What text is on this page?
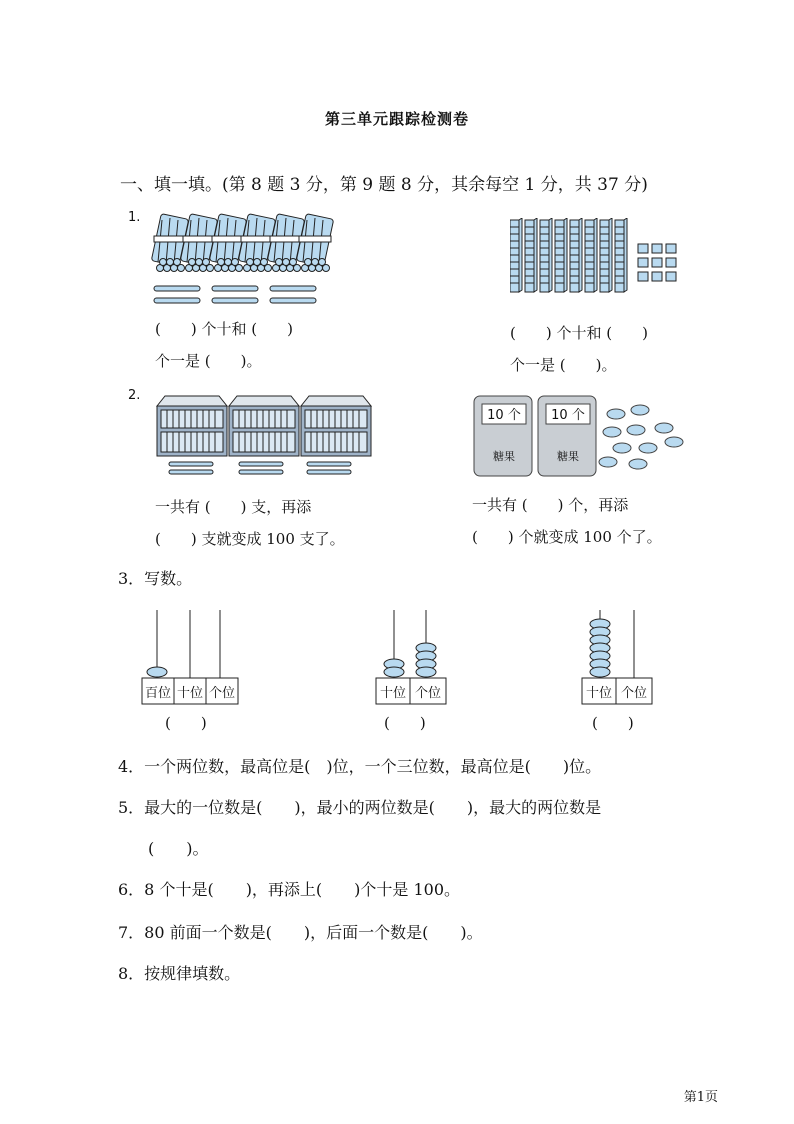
第三单元跟踪检测卷
一、填一填。(第 8 题 3 分，第 9 题 8 分，其余每空 1 分，共 37 分)
1.
(　　) 个十和 (　　)
个一是 (　　)。
(　　) 个十和 (　　)
个一是 (　　)。
2.
一共有 (　　) 支，再添
(　　) 支就变成 100 支了。
10 个 10 个
糖果	糖果
一共有 (　　) 个，再添
(　　) 个就变成 100 个了。
3．写数。
百位 十位 个位
(　　)
十位 个位
(　　)
十位 个位
(　　)
4．一个两位数，最高位是(　)位，一个三位数，最高位是(　　)位。
5．最大的一位数是(　　)，最小的两位数是(　　)，最大的两位数是
(　　)。
6．8 个十是(　　)，再添上(　　)个十是 100。
7．80 前面一个数是(　　)，后面一个数是(　　)。
8．按规律填数。
第1页
